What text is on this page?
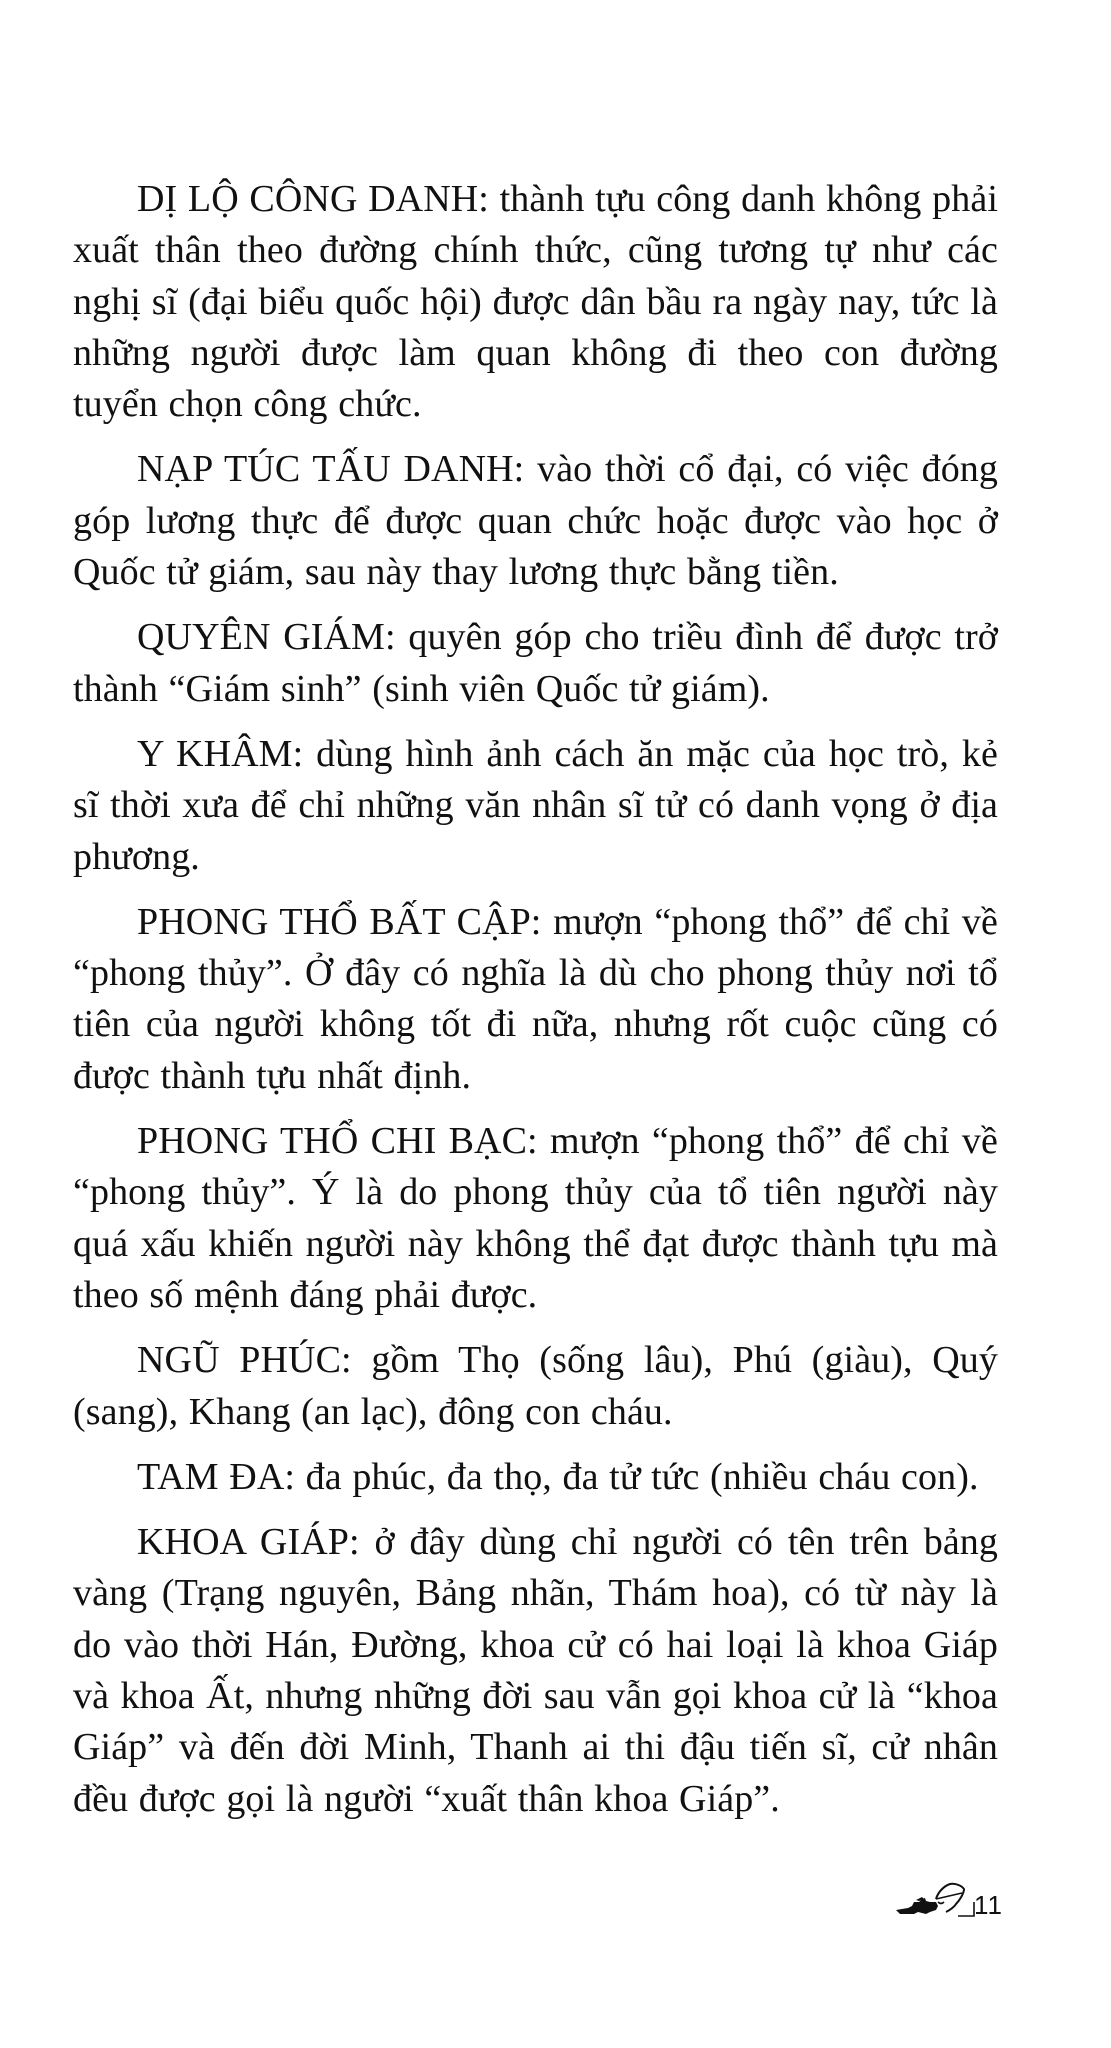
DỊ LỘ CÔNG DANH: thành tựu công danh không phải xuất thân theo đường chính thức, cũng tương tự như các nghị sĩ (đại biểu quốc hội) được dân bầu ra ngày nay, tức là những người được làm quan không đi theo con đường tuyển chọn công chức.

NẠP TÚC TẤU DANH: vào thời cổ đại, có việc đóng góp lương thực để được quan chức hoặc được vào học ở Quốc tử giám, sau này thay lương thực bằng tiền.

QUYÊN GIÁM: quyên góp cho triều đình để được trở thành “Giám sinh” (sinh viên Quốc tử giám).

Y KHÂM: dùng hình ảnh cách ăn mặc của học trò, kẻ sĩ thời xưa để chỉ những văn nhân sĩ tử có danh vọng ở địa phương.

PHONG THỔ BẤT CẬP: mượn “phong thổ” để chỉ về “phong thủy”. Ở đây có nghĩa là dù cho phong thủy nơi tổ tiên của người không tốt đi nữa, nhưng rốt cuộc cũng có được thành tựu nhất định.

PHONG THỔ CHI BẠC: mượn “phong thổ” để chỉ về “phong thủy”. Ý là do phong thủy của tổ tiên người này quá xấu khiến người này không thể đạt được thành tựu mà theo số mệnh đáng phải được.

NGŨ PHÚC: gồm Thọ (sống lâu), Phú (giàu), Quý (sang), Khang (an lạc), đông con cháu.

TAM ĐA: đa phúc, đa thọ, đa tử tức (nhiều cháu con).

KHOA GIÁP: ở đây dùng chỉ người có tên trên bảng vàng (Trạng nguyên, Bảng nhãn, Thám hoa), có từ này là do vào thời Hán, Đường, khoa cử có hai loại là khoa Giáp và khoa Ất, nhưng những đời sau vẫn gọi khoa cử là “khoa Giáp” và đến đời Minh, Thanh ai thi đậu tiến sĩ, cử nhân đều được gọi là người “xuất thân khoa Giáp”.

11
